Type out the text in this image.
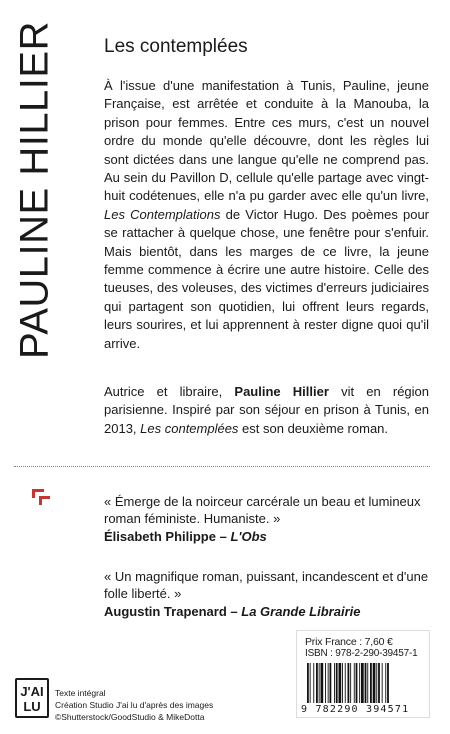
PAULINE HILLIER	Les contemplées

À l'issue d'une manifestation à Tunis, Pauline, jeune Française, est arrêtée et conduite à la Manouba, la prison pour femmes. Entre ces murs, c'est un nouvel ordre du monde qu'elle découvre, dont les règles lui sont dictées dans une langue qu'elle ne comprend pas. Au sein du Pavillon D, cellule qu'elle partage avec vingt-huit codétenues, elle n'a pu garder avec elle qu'un livre, Les Contemplations de Victor Hugo. Des poèmes pour se rattacher à quelque chose, une fenêtre pour s'enfuir. Mais bientôt, dans les marges de ce livre, la jeune femme commence à écrire une autre histoire. Celle des tueuses, des voleuses, des victimes d'erreurs judiciaires qui partagent son quotidien, lui offrent leurs regards, leurs sourires, et lui apprennent à rester digne quoi qu'il arrive.

Autrice et libraire, Pauline Hillier vit en région parisienne. Inspiré par son séjour en prison à Tunis, en 2013, Les contemplées est son deuxième roman.

« Émerge de la noirceur carcérale un beau et lumineux roman féministe. Humaniste. »
Élisabeth Philippe – L'Obs
« Un magnifique roman, puissant, incandescent et d'une folle liberté. »
Augustin Trapenard – La Grande Librairie
J'AI
LU
Texte intégral
Création Studio J'ai lu d'après des images
©Shutterstock/GoodStudio & MikeDotta
Prix France : 7,60 €
ISBN : 978-2-290-39457-1
9 782290 394571
